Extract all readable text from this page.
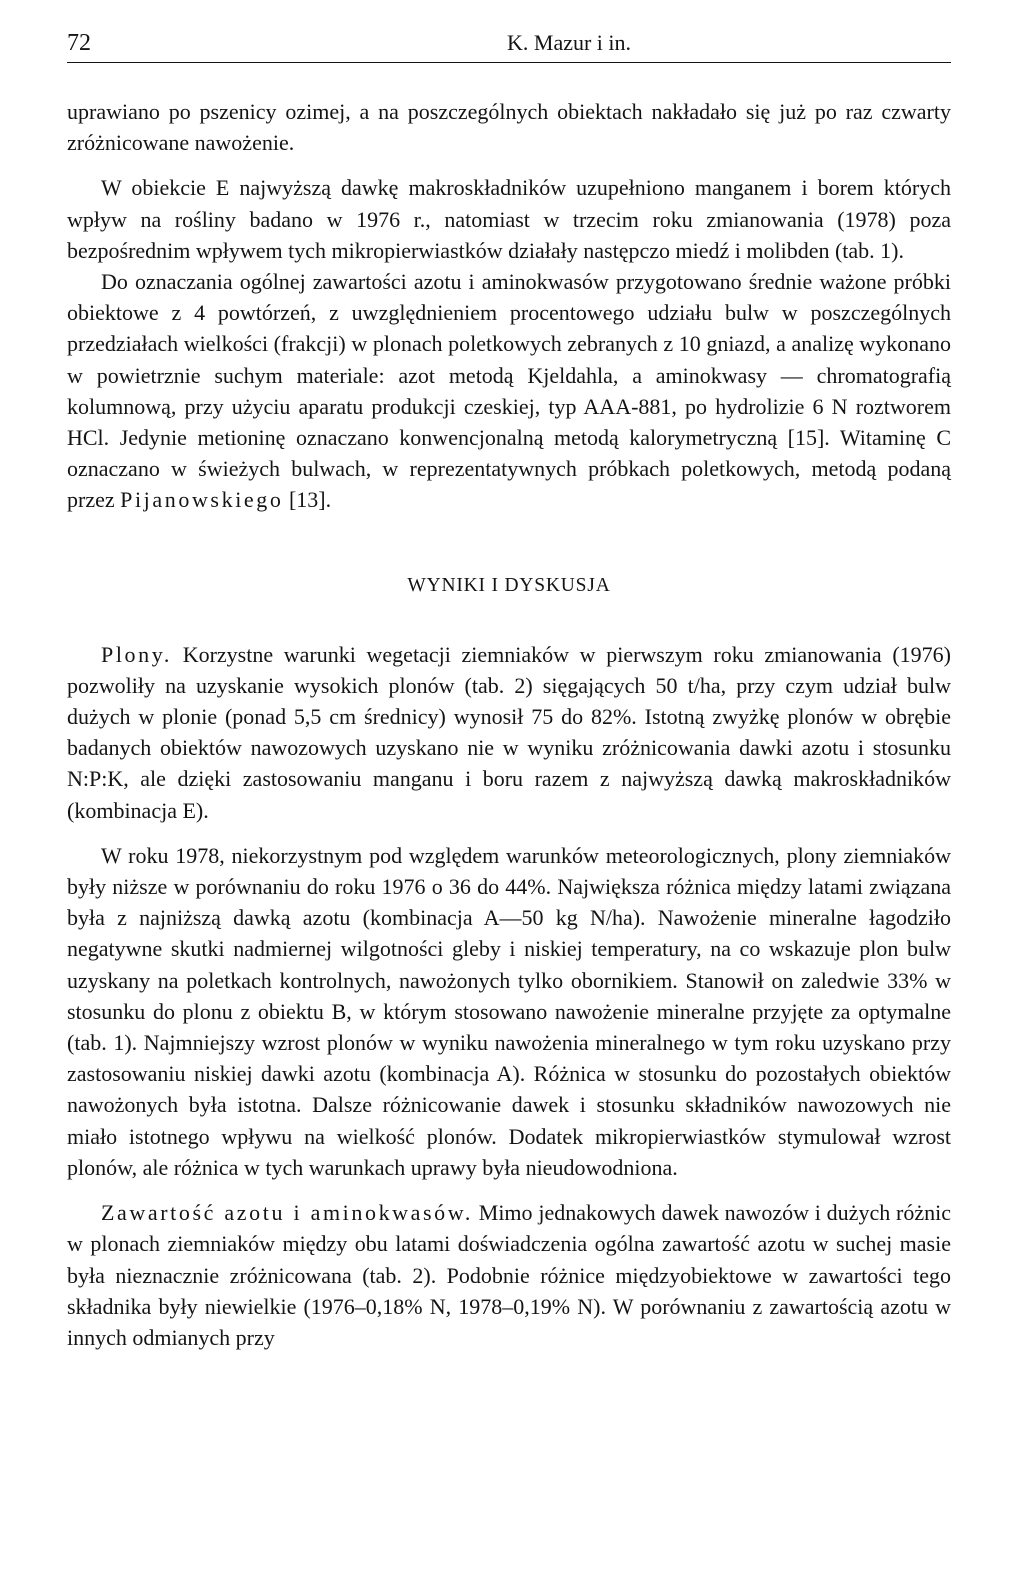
72	K. Mazur i in.

uprawiano po pszenicy ozimej, a na poszczególnych obiektach nakładało się już po raz czwarty zróżnicowane nawożenie.

W obiekcie E najwyższą dawkę makroskładników uzupełniono manganem i borem których wpływ na rośliny badano w 1976 r., natomiast w trzecim roku zmianowania (1978) poza bezpośrednim wpływem tych mikropierwiastków działały następczo miedź i molibden (tab. 1).

Do oznaczania ogólnej zawartości azotu i aminokwasów przygotowano średnie ważone próbki obiektowe z 4 powtórzeń, z uwzględnieniem procentowego udziału bulw w poszczególnych przedziałach wielkości (frakcji) w plonach poletkowych zebranych z 10 gniazd, a analizę wykonano w powietrznie suchym materiale: azot metodą Kjeldahla, a aminokwasy — chromatografią kolumnową, przy użyciu aparatu produkcji czeskiej, typ AAA-881, po hydrolizie 6 N roztworem HCl. Jedynie metioninę oznaczano konwencjonalną metodą kalorymetryczną [15]. Witaminę C oznaczano w świeżych bulwach, w reprezentatywnych próbkach poletkowych, metodą podaną przez Pijanowskiego [13].

WYNIKI I DYSKUSJA

Plony. Korzystne warunki wegetacji ziemniaków w pierwszym roku zmianowania (1976) pozwoliły na uzyskanie wysokich plonów (tab. 2) sięgających 50 t/ha, przy czym udział bulw dużych w plonie (ponad 5,5 cm średnicy) wynosił 75 do 82%. Istotną zwyżkę plonów w obrębie badanych obiektów nawozowych uzyskano nie w wyniku zróżnicowania dawki azotu i stosunku N:P:K, ale dzięki zastosowaniu manganu i boru razem z najwyższą dawką makroskładników (kombinacja E).

W roku 1978, niekorzystnym pod względem warunków meteorologicznych, plony ziemniaków były niższe w porównaniu do roku 1976 o 36 do 44%. Największa różnica między latami związana była z najniższą dawką azotu (kombinacja A—50 kg N/ha). Nawożenie mineralne łagodziło negatywne skutki nadmiernej wilgotności gleby i niskiej temperatury, na co wskazuje plon bulw uzyskany na poletkach kontrolnych, nawożonych tylko obornikiem. Stanowił on zaledwie 33% w stosunku do plonu z obiektu B, w którym stosowano nawożenie mineralne przyjęte za optymalne (tab. 1). Najmniejszy wzrost plonów w wyniku nawożenia mineralnego w tym roku uzyskano przy zastosowaniu niskiej dawki azotu (kombinacja A). Różnica w stosunku do pozostałych obiektów nawożonych była istotna. Dalsze różnicowanie dawek i stosunku składników nawozowych nie miało istotnego wpływu na wielkość plonów. Dodatek mikropierwiastków stymulował wzrost plonów, ale różnica w tych warunkach uprawy była nieudowodniona.

Zawartość azotu i aminokwasów. Mimo jednakowych dawek nawozów i dużych różnic w plonach ziemniaków między obu latami doświadczenia ogólna zawartość azotu w suchej masie była nieznacznie zróżnicowana (tab. 2). Podobnie różnice międzyobiektowe w zawartości tego składnika były niewielkie (1976–0,18% N, 1978–0,19% N). W porównaniu z zawartością azotu w innych odmianych przy
